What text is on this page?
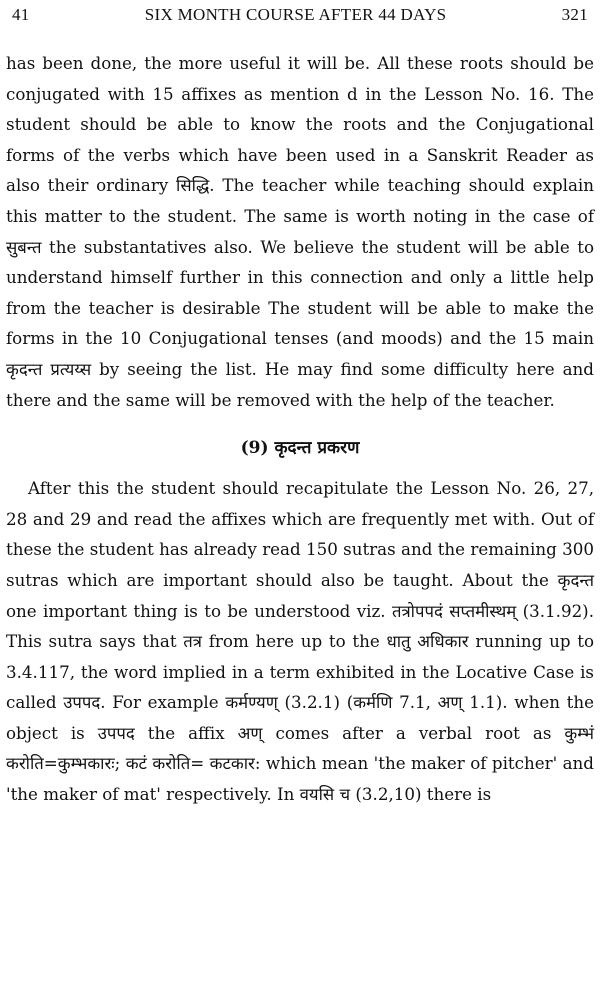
41	SIX MONTH COURSE AFTER 44 DAYS	321

has been done, the more useful it will be. All these roots should be conjugated with 15 affixes as mention d in the Lesson No. 16. The student should be able to know the roots and the Conjugational forms of the verbs which have been used in a Sanskrit Reader as also their ordinary सिद्धि. The teacher while teaching should explain this matter to the student. The same is worth noting in the case of सुबन्त the substantatives also. We believe the student will be able to understand himself further in this connection and only a little help from the teacher is desirable The student will be able to make the forms in the 10 Conjugational tenses (and moods) and the 15 main कृदन्त प्रत्यय्स by seeing the list. He may find some difficulty here and there and the same will be removed with the help of the teacher.

(9) कृदन्त प्रकरण

After this the student should recapitulate the Lesson No. 26, 27, 28 and 29 and read the affixes which are frequently met with. Out of these the student has already read 150 sutras and the remaining 300 sutras which are important should also be taught. About the कृदन्त one important thing is to be understood viz. तत्रोपपदं सप्तमीस्थम् (3.1.92). This sutra says that तत्र from here up to the धातु अधिकार running up to 3.4.117, the word implied in a term exhibited in the Locative Case is called उपपद. For example कर्मण्यण् (3.2.1) (कर्मणि 7.1, अण् 1.1). when the object is उपपद the affix अण् comes after a verbal root as कुम्भं करोति=कुम्भकारः; कटं करोति= कटकार: which mean 'the maker of pitcher' and 'the maker of mat' respectively. In वयसि च (3.2,10) there is
